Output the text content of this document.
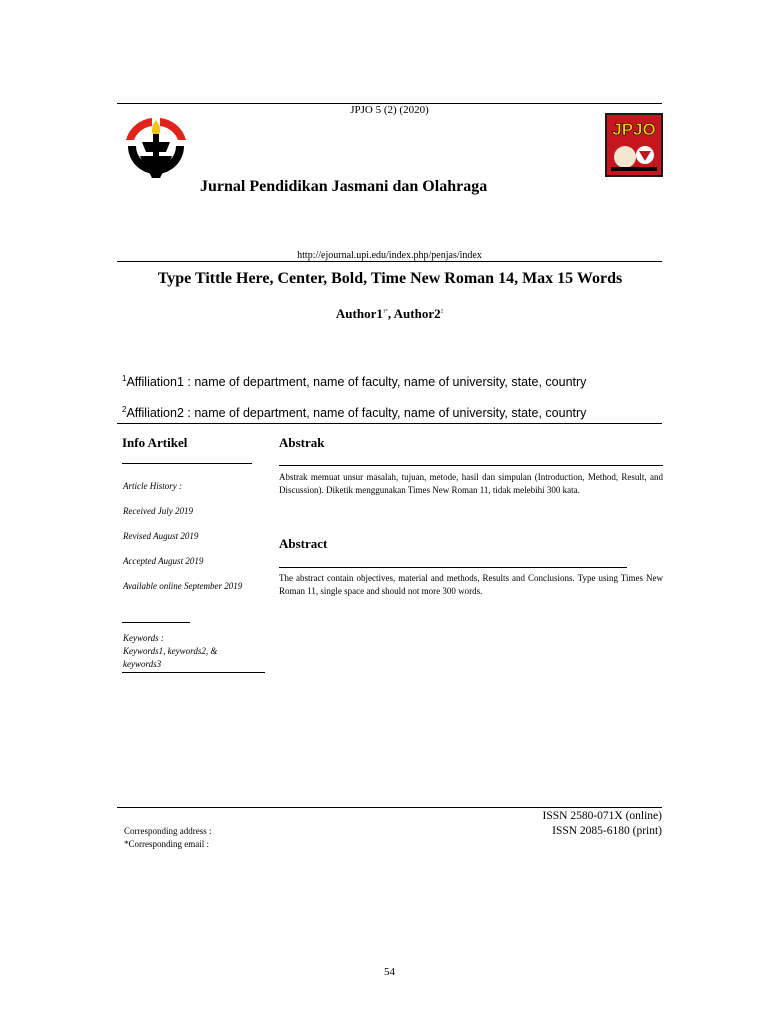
JPJO 5 (2) (2020)
Jurnal Pendidikan Jasmani dan Olahraga
JPJO
http://ejournal.upi.edu/index.php/penjas/index
Type Tittle Here, Center, Bold, Time New Roman 14, Max 15 Words
$Author1^{1*}$, $Author2^2$
$^1$Affiliation1 : name of department, name of faculty, name of university, state, country
$^2$Affiliation2 : name of department, name of faculty, name of university, state, country
Info Artikel
Article History :
Received July 2019
Revised August 2019
Accepted August 2019
Available online September 2019
Keywords :
Keywords1, keywords2, &
keywords3
Abstrak
Abstrak memuat unsur masalah, tujuan, metode, hasil dan simpulan (Introduction, Method, Result, and Discussion). Diketik menggunakan Times New Roman 11, tidak melebihi 300 kata.
Abstract
The abstract contain objectives, material and methods, Results and Conclusions. Type using Times New Roman 11, single space and should not more 300 words.
ISSN 2580-071X (online)
ISSN 2085-6180 (print)
Corresponding address :
*Corresponding email :
54
